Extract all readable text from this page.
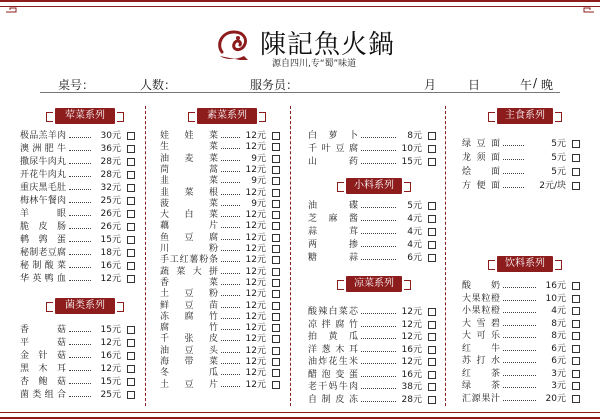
陳記魚火鍋
源自四川,专“蜀”味道
桌号：	人数：	服务员：	月	日	午 / 晚
荤菜系列
菌类系列
素菜系列
小料系列
凉菜系列
主食系列
饮料系列
极品羔羊肉	30元
澳洲肥牛	36元
撒尿牛肉丸	28元
开花牛肉丸	28元
重庆黑毛肚	32元
梅林午餐肉	25元
羊眼	26元
脆皮肠	26元
鹌鹑蛋	15元
秘制老豆腐	18元
秘制酸菜	16元
华英鸭血	12元
香菇	15元
平菇	12元
金针菇	16元
黑木耳	12元
杏鲍菇	15元
菌类组合	25元
娃娃菜	12元
生菜	12元
油麦菜	9元
茼蒿	12元
韭菜	9元
韭菜根	12元
菠菜	9元
大白菜	12元
藕片	12元
鱼豆腐	12元
川粉	12元
手工红薯粉条	12元
蔬菜大拼	12元
香菜	12元
土豆粉	12元
鲜豆苗	12元
冻腐竹	12元
腐竹	12元
千张皮	12元
油豆头	12元
海带菜	12元
冬瓜	12元
土豆片	12元
白萝卜	8元
千叶豆腐	10元
山药	15元
油碟	5元
芝麻酱	4元
蒜茸	4元
两掺	4元
糖蒜	6元
酸辣白菜芯	12元
凉拌腐竹	12元
拍黄瓜	12元
洋葱木耳	16元
油炸花生米	12元
醋泡变蛋	16元
老干妈牛肉	38元
自制皮冻	28元
绿豆面	5元
龙须面	5元
烩面	5元
方便面	2元/块
酸奶	16元
大果粒橙	10元
小果粒橙	4元
大雪碧	8元
大可乐	8元
红牛	6元
苏打水	6元
红茶	3元
绿茶	3元
汇源果汁	20元
